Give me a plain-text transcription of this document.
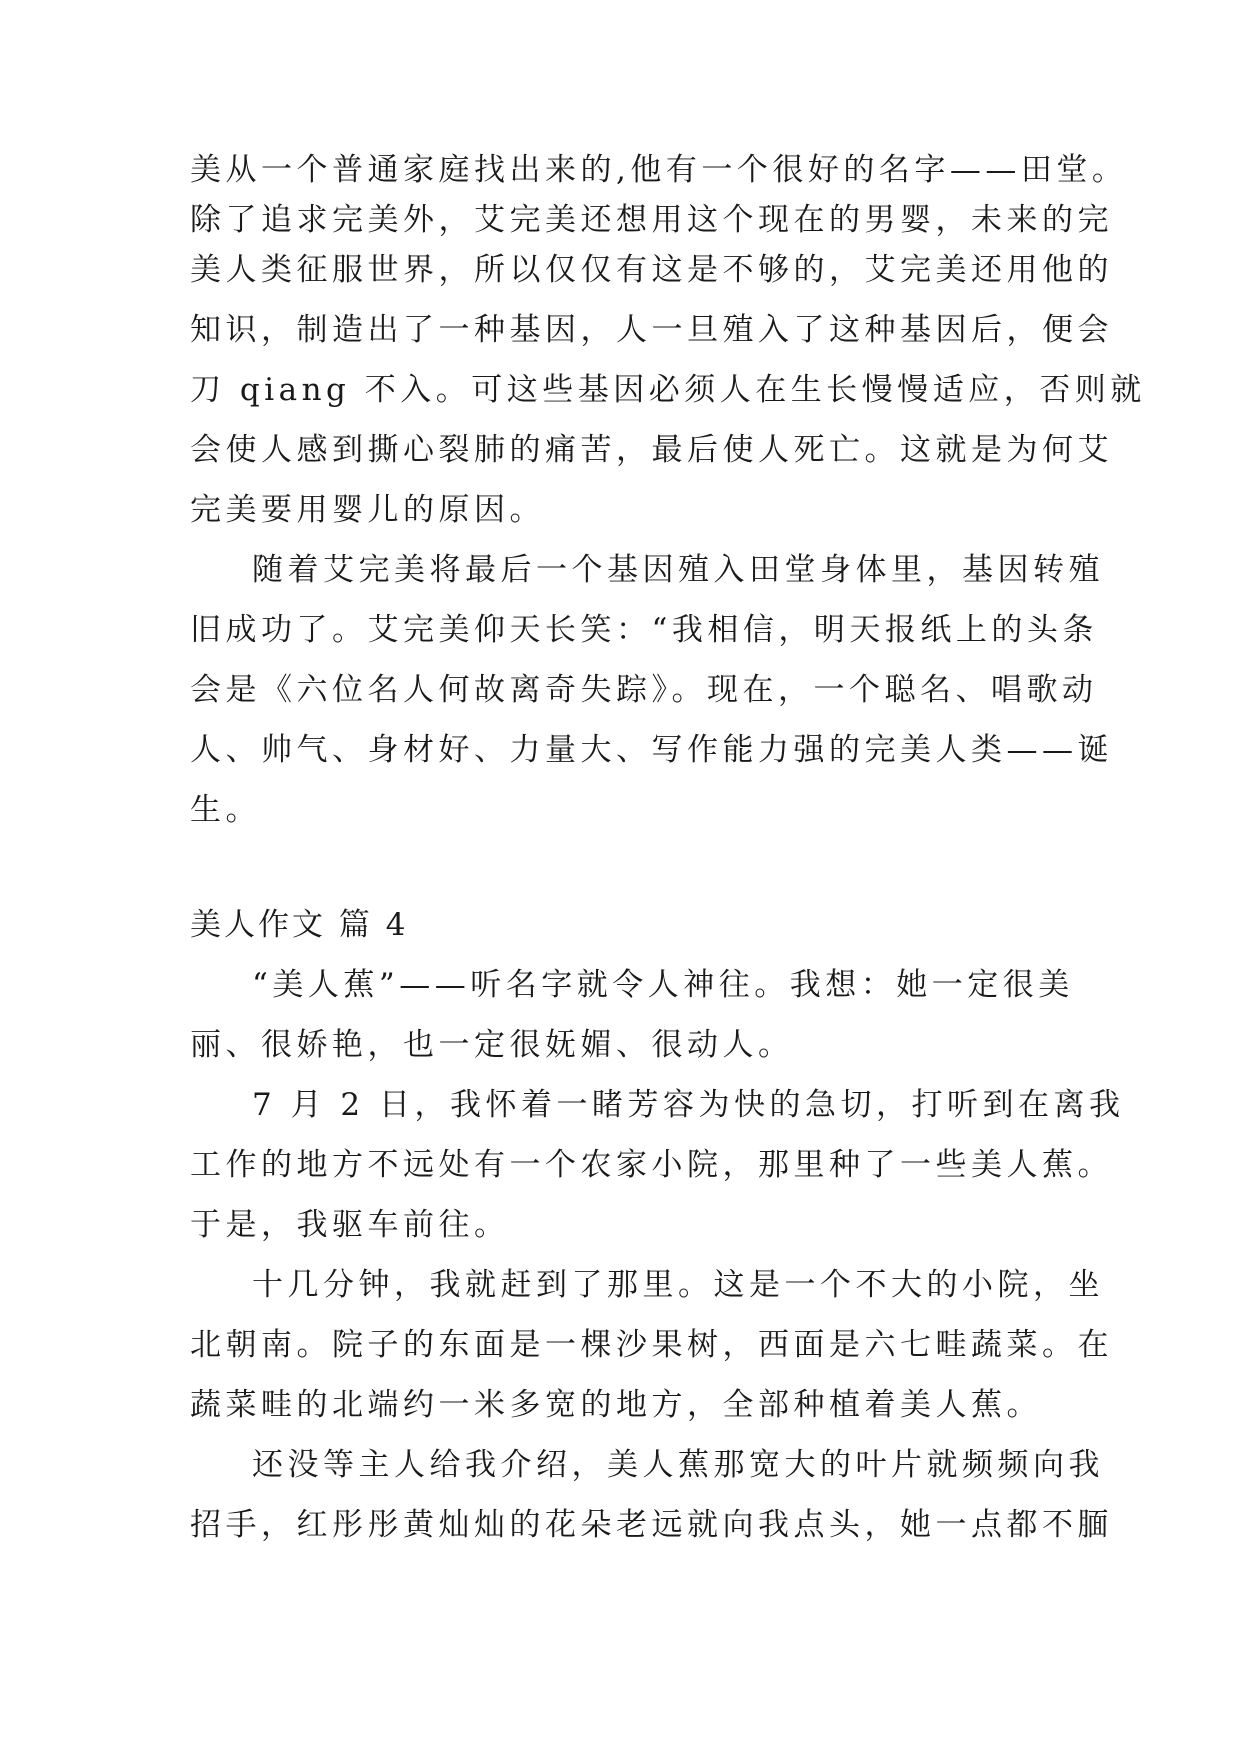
美从一个普通家庭找出来的,他有一个很好的名字——田堂。
除了追求完美外，艾完美还想用这个现在的男婴，未来的完
美人类征服世界，所以仅仅有这是不够的，艾完美还用他的
知识，制造出了一种基因，人一旦殖入了这种基因后，便会
刀 qiang 不入。可这些基因必须人在生长慢慢适应，否则就
会使人感到撕心裂肺的痛苦，最后使人死亡。这就是为何艾
完美要用婴儿的原因。
随着艾完美将最后一个基因殖入田堂身体里，基因转殖
旧成功了。艾完美仰天长笑：“我相信，明天报纸上的头条
会是《六位名人何故离奇失踪》。现在，一个聪名、唱歌动
人、帅气、身材好、力量大、写作能力强的完美人类——诞
生。
美人作文 篇 4
“美人蕉”——听名字就令人神往。我想：她一定很美
丽、很娇艳，也一定很妩媚、很动人。
7 月 2 日，我怀着一睹芳容为快的急切，打听到在离我
工作的地方不远处有一个农家小院，那里种了一些美人蕉。
于是，我驱车前往。
十几分钟，我就赶到了那里。这是一个不大的小院，坐
北朝南。院子的东面是一棵沙果树，西面是六七畦蔬菜。在
蔬菜畦的北端约一米多宽的地方，全部种植着美人蕉。
还没等主人给我介绍，美人蕉那宽大的叶片就频频向我
招手，红彤彤黄灿灿的花朵老远就向我点头，她一点都不腼
